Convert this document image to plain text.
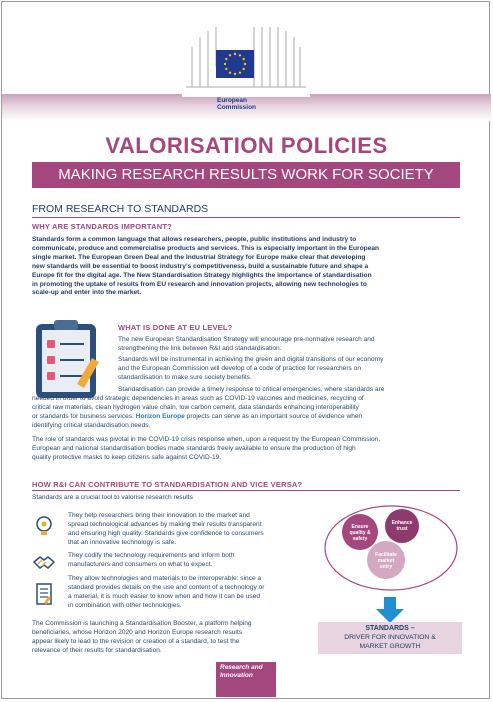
European
Commission
VALORISATION POLICIES
MAKING RESEARCH RESULTS WORK FOR SOCIETY
FROM RESEARCH TO STANDARDS
WHY ARE STANDARDS IMPORTANT?
Standards form a common language that allows researchers, people, public institutions and industry to
communicate, produce and commercialise products and services. This is especially important in the European
single market. The European Green Deal and the Industrial Strategy for Europe make clear that developing
new standards will be essential to boost industry’s competitiveness, build a sustainable future and shape a
Europe fit for the digital age. The New Standardisation Strategy highlights the importance of standardisation
in promoting the uptake of results from EU research and innovation projects, allowing new technologies to
scale-up and enter into the market.
WHAT IS DONE AT EU LEVEL?
The new European Standardisation Strategy will encourage pre-normative research and
strengthening the link between R&I and standardisation.
Standards will be instrumental in achieving the green and digital transitions of our economy
and the European Commission will develop of a code of practice for researchers on
standardisation to make sure society benefits.
Standardisation can provide a timely response to critical emergencies, where standards are
needed in order to avoid strategic dependencies in areas such as COVID-19 vaccines and medicines, recycling of
critical raw materials, clean hydrogen value chain, low carbon cement, data standards enhancing interoperability
or standards for business services. Horizon Europe projects can serve as an important source of evidence when
identifying critical standardisation needs.
The role of standards was pivotal in the COVID-19 crisis response when, upon a request by the European Commission,
European and national standardisation bodies made standards freely available to ensure the production of high
quality protective masks to keep citizens safe against COVID-19.
HOW R&I CAN CONTRIBUTE TO STANDARDISATION AND VICE VERSA?
Standards are a crucial tool to valorise research results
They help researchers bring their innovation to the market and
spread technological advances by making their results transparent
and ensuring high quality. Standards give confidence to consumers
that an innovative technology is safe.
They codify the technology requirements and inform both
manufacturers and consumers on what to expect.
They allow technologies and materials to be interoperable: since a
standard provides details on the use and content of a technology or
a material, it is much easier to know when and how it can be used
in combination with other technologies.
The Commission is launching a Standardisation Booster, a platform helping
beneficiaries, whose Horizon 2020 and Horizon Europe research results
appear likely to lead to the revision or creation of a standard, to test the
relevance of their results for standardisation.
Ensure
quality &
safety
Enhance
trust
Facilitate
market
entry
STANDARDS –
DRIVER FOR INNOVATION &
MARKET GROWTH
Research and
Innovation
